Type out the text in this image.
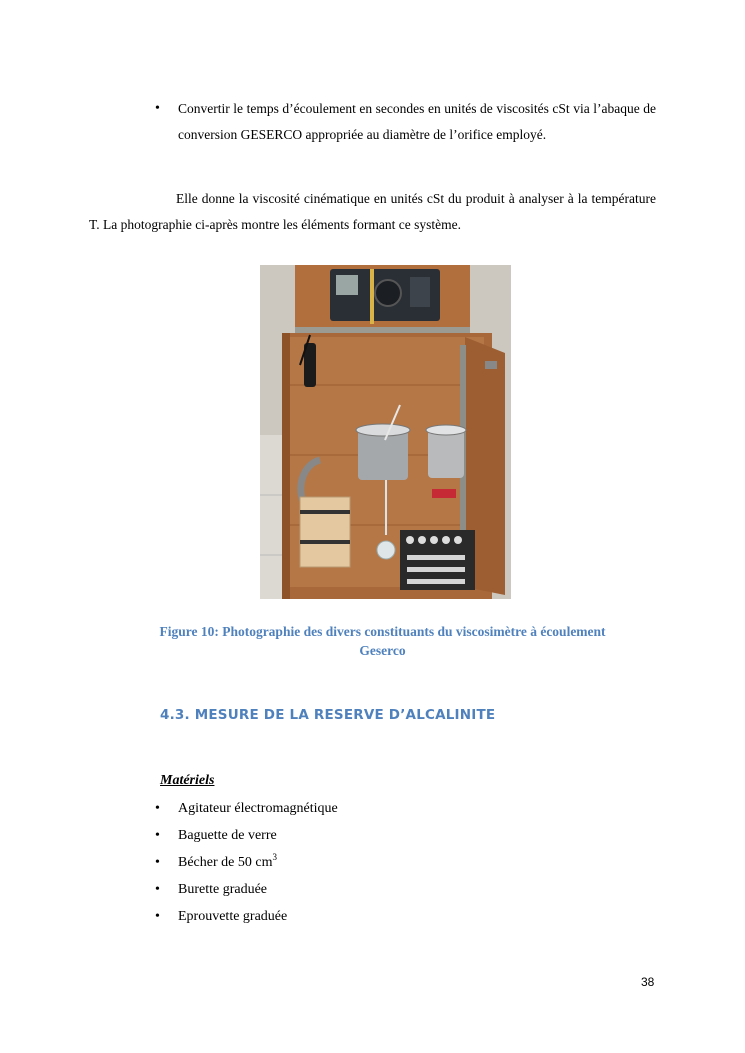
• Convertir le temps d’écoulement en secondes en unités de viscosités cSt via l’abaque de conversion GESERCO appropriée au diamètre de l’orifice employé.
Elle donne la viscosité cinématique en unités cSt du produit à analyser à la température T. La photographie ci-après montre les éléments formant ce système.
Figure 10: Photographie des divers constituants du viscosimètre à écoulement
Geserco
4.3. MESURE DE LA RESERVE D’ALCALINITE
Matériels
• Agitateur électromagnétique
• Baguette de verre
• Bécher de 50 $cm^3$
• Burette graduée
• Eprouvette graduée
38
